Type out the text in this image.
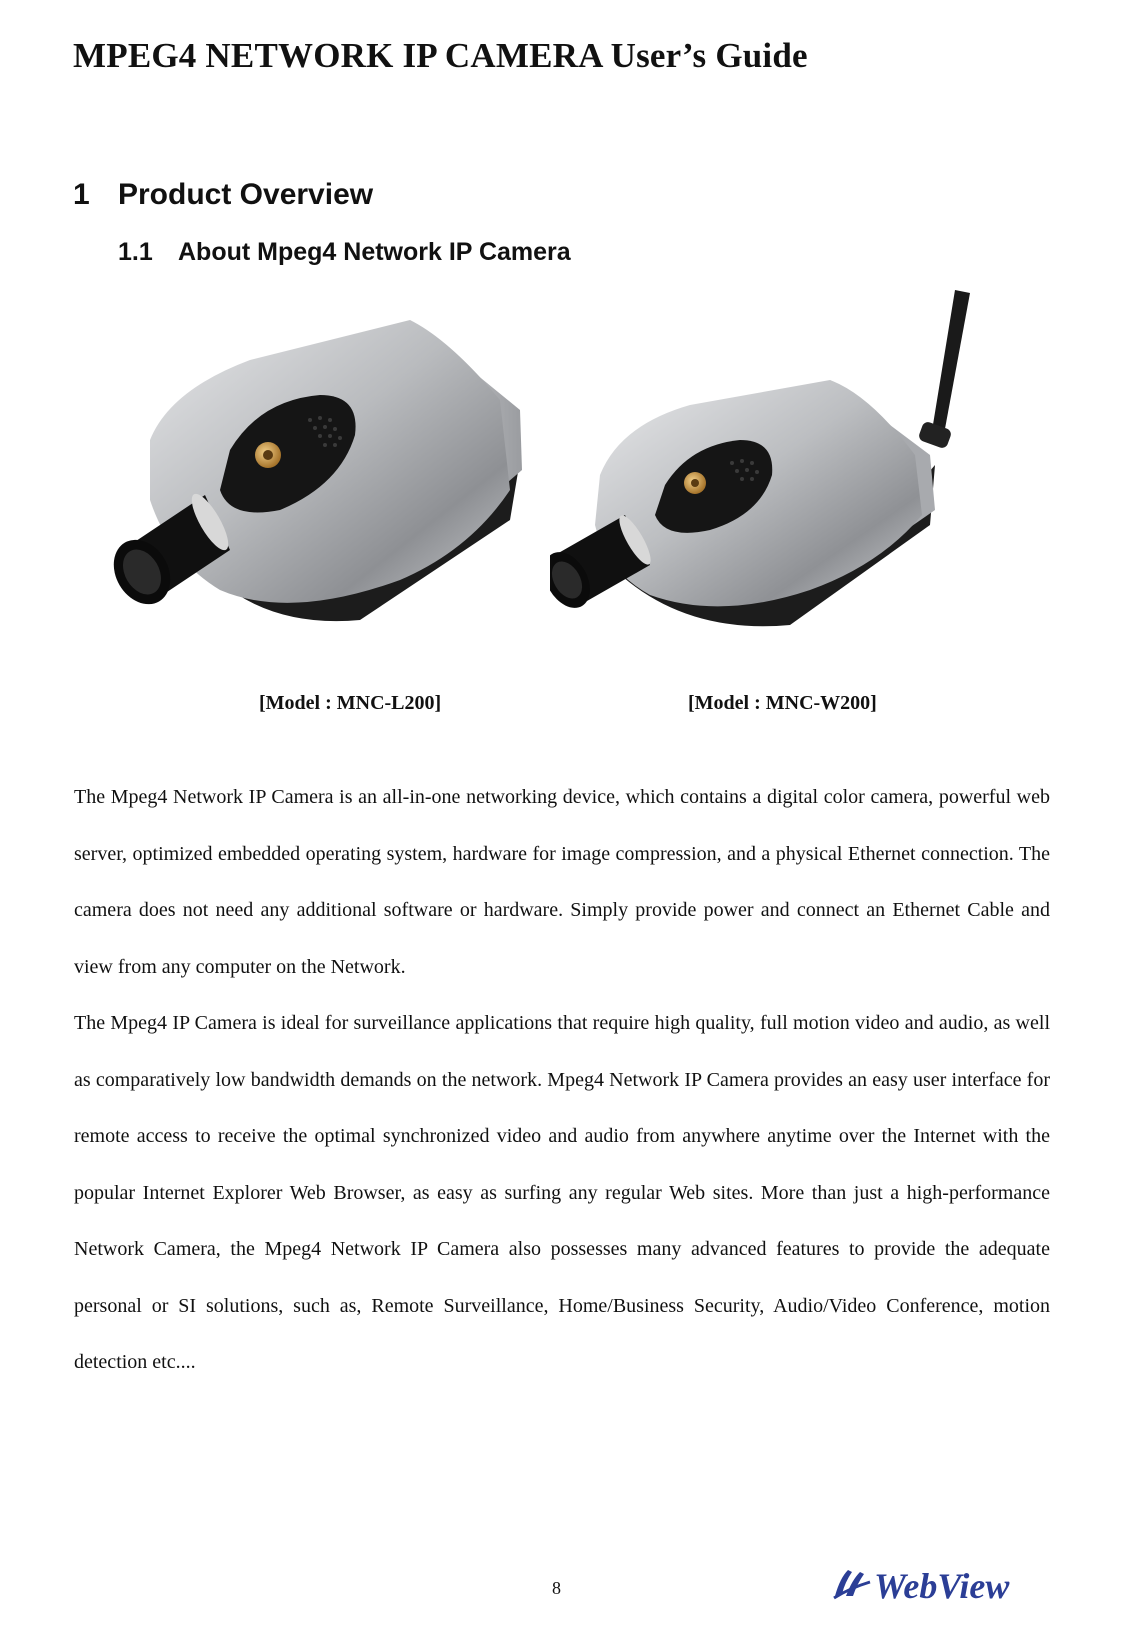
MPEG4 NETWORK IP CAMERA User’s Guide
1 Product Overview
1.1 About Mpeg4 Network IP Camera
[Model : MNC-L200]	[Model : MNC-W200]

The Mpeg4 Network IP Camera is an all-in-one networking device, which contains a digital color camera, powerful web server, optimized embedded operating system, hardware for image compression, and a physical Ethernet connection. The camera does not need any additional software or hardware. Simply provide power and connect an Ethernet Cable and view from any computer on the Network.

The Mpeg4 IP Camera is ideal for surveillance applications that require high quality, full motion video and audio, as well as comparatively low bandwidth demands on the network. Mpeg4 Network IP Camera provides an easy user interface for remote access to receive the optimal synchronized video and audio from anywhere anytime over the Internet with the popular Internet Explorer Web Browser, as easy as surfing any regular Web sites. More than just a high-performance Network Camera, the Mpeg4 Network IP Camera also possesses many advanced features to provide the adequate personal or SI solutions, such as, Remote Surveillance, Home/Business Security, Audio/Video Conference, motion detection etc....

8	WebView
